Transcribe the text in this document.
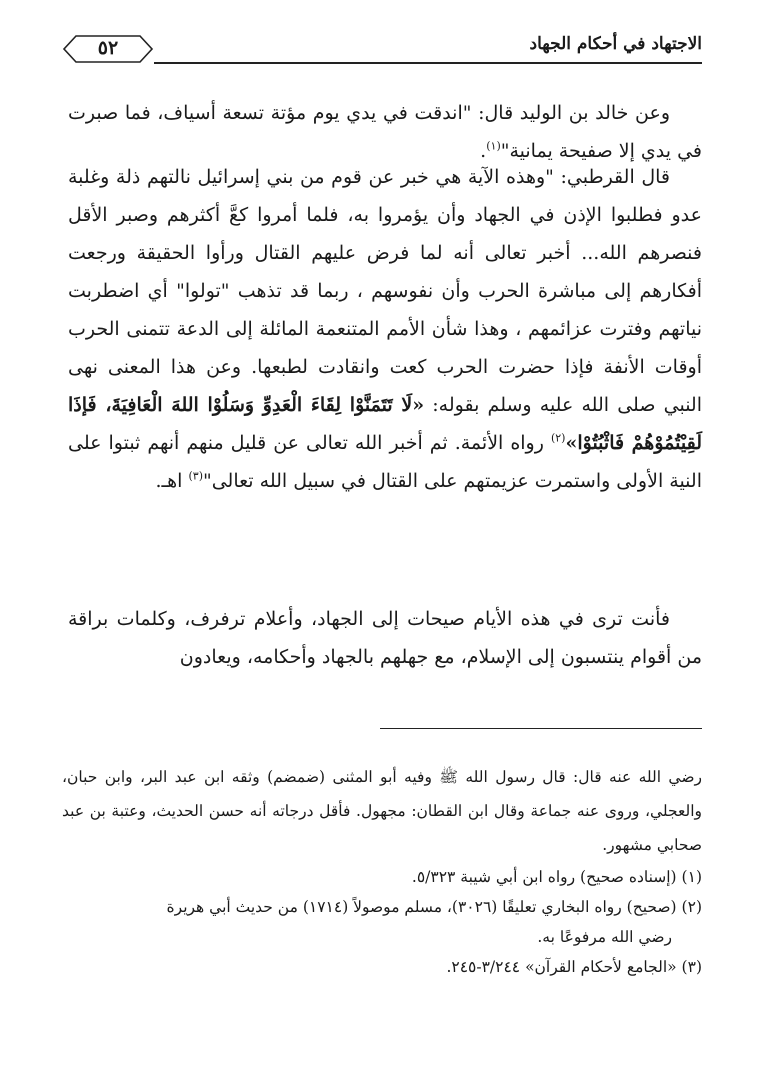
٥٢	الاجتهاد في أحكام الجهاد

وعن خالد بن الوليد قال: "اندقت في يدي يوم مؤتة تسعة أسياف، فما صبرت في يدي إلا صفيحة يمانية"$^{(١)}$.

قال القرطبي: "وهذه الآية هي خبر عن قوم من بني إسرائيل نالتهم ذلة وغلبة عدو فطلبوا الإذن في الجهاد وأن يؤمروا به، فلما أمروا كعَّ أكثرهم وصبر الأقل فنصرهم الله... أخبر تعالى أنه لما فرض عليهم القتال ورأوا الحقيقة ورجعت أفكارهم إلى مباشرة الحرب وأن نفوسهم ، ربما قد تذهب "تولوا" أي اضطربت نياتهم وفترت عزائمهم ، وهذا شأن الأمم المتنعمة المائلة إلى الدعة تتمنى الحرب أوقات الأنفة فإذا حضرت الحرب كعت وانقادت لطبعها. وعن هذا المعنى نهى النبي صلى الله عليه وسلم بقوله: «لَا تَتَمَنَّوْا لِقَاءَ الْعَدِوِّ وَسَلُوْا اللهَ الْعَافِيَةَ، فَإذَا لَقِيْتُمُوْهُمْ فَاثْبُتُوْا»$^{(٢)}$ رواه الأئمة. ثم أخبر الله تعالى عن قليل منهم أنهم ثبتوا على النية الأولى واستمرت عزيمتهم على القتال في سبيل الله تعالى"$^{(٣)}$ اهـ.

فأنت ترى في هذه الأيام صيحات إلى الجهاد، وأعلام ترفرف، وكلمات براقة من أقوام ينتسبون إلى الإسلام، مع جهلهم بالجهاد وأحكامه، ويعادون

رضي الله عنه قال: قال رسول الله ﷺ وفيه أبو المثنى (ضمضم) وثقه ابن عبد البر، وابن حبان، والعجلي، وروى عنه جماعة وقال ابن القطان: مجهول. فأقل درجاته أنه حسن الحديث، وعتبة بن عبد صحابي مشهور.

(١) (إسناده صحيح) رواه ابن أبي شيبة ٥/٣٢٣.

(٢) (صحيح) رواه البخاري تعليقًا (٣٠٢٦)، مسلم موصولاً (١٧١٤) من حديث أبي هريرة
رضي الله مرفوعًا به.

(٣) «الجامع لأحكام القرآن» ٣/٢٤٤-٢٤٥.
